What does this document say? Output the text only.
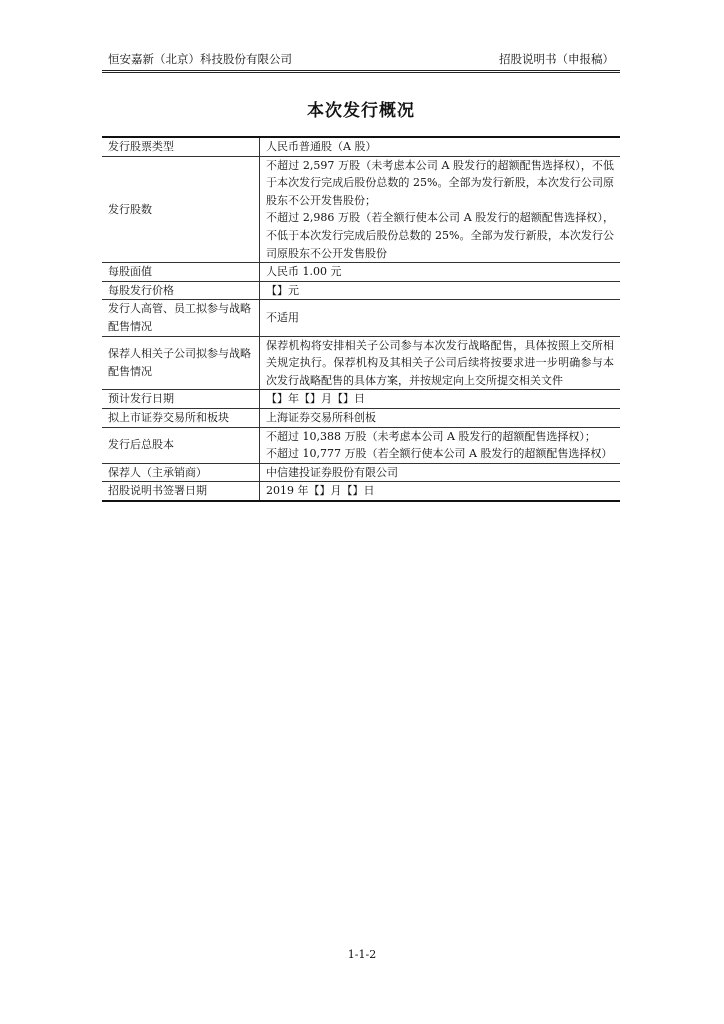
恒安嘉新（北京）科技股份有限公司	招股说明书（申报稿）
本次发行概况
发行股票类型	人民币普通股（A 股）

发行股数	不超过 2,597 万股（未考虑本公司 A 股发行的超额配售选择权），不低于本次发行完成后股份总数的 25%。全部为发行新股，本次发行公司原股东不公开发售股份；
不超过 2,986 万股（若全额行使本公司 A 股发行的超额配售选择权），不低于本次发行完成后股份总数的 25%。全部为发行新股，本次发行公司原股东不公开发售股份

每股面值	人民币 1.00 元

每股发行价格	【】元

发行人高管、员工拟参与战略配售情况	不适用

保荐人相关子公司拟参与战略配售情况	保荐机构将安排相关子公司参与本次发行战略配售，具体按照上交所相关规定执行。保荐机构及其相关子公司后续将按要求进一步明确参与本次发行战略配售的具体方案，并按规定向上交所提交相关文件

预计发行日期	【】年【】月【】日

拟上市证券交易所和板块	上海证券交易所科创板

发行后总股本	不超过 10,388 万股（未考虑本公司 A 股发行的超额配售选择权）；
不超过 10,777 万股（若全额行使本公司 A 股发行的超额配售选择权）

保荐人（主承销商）	中信建投证券股份有限公司

招股说明书签署日期	2019 年【】月【】日
1-1-2
